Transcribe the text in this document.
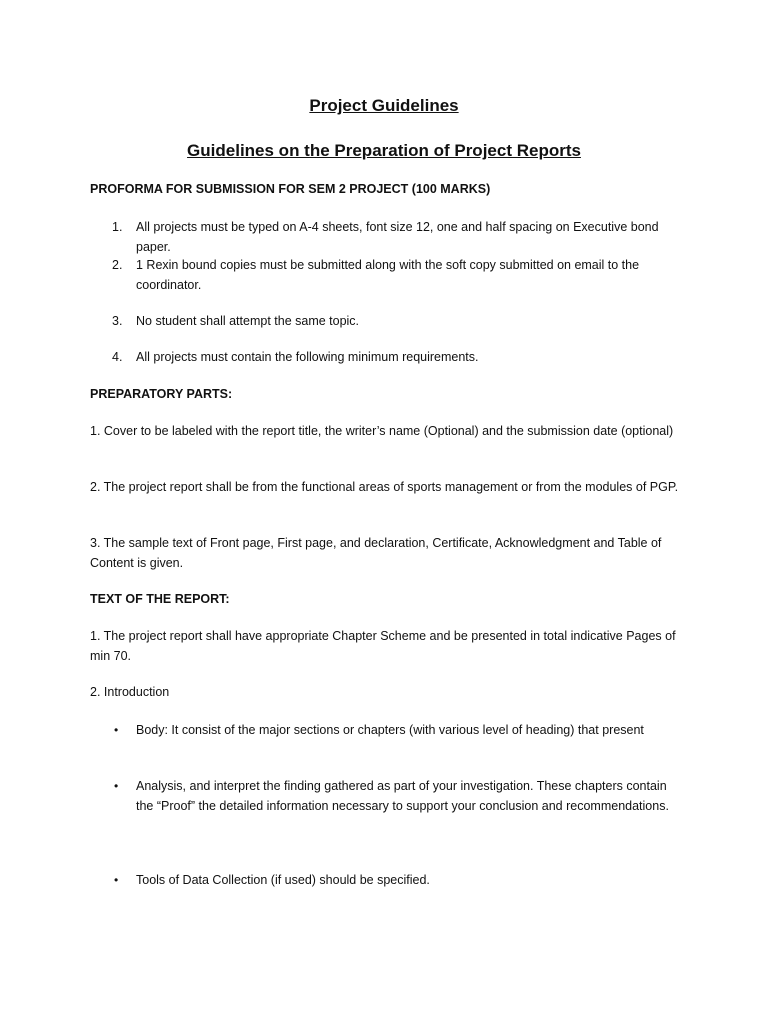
Project Guidelines
Guidelines on the Preparation of Project Reports

PROFORMA FOR SUBMISSION FOR SEM 2 PROJECT (100 MARKS)

1. All projects must be typed on A-4 sheets, font size 12, one and half spacing on Executive bond paper.
2. 1 Rexin bound copies must be submitted along with the soft copy submitted on email to the coordinator.
3. No student shall attempt the same topic.
4. All projects must contain the following minimum requirements.

PREPARATORY PARTS:

1. Cover to be labeled with the report title, the writer’s name (Optional) and the submission date (optional)

2. The project report shall be from the functional areas of sports management or from the modules of PGP.

3. The sample text of Front page, First page, and declaration, Certificate, Acknowledgment and Table of Content is given.

TEXT OF THE REPORT:

1. The project report shall have appropriate Chapter Scheme and be presented in total indicative Pages of min 70.

2. Introduction

• Body: It consist of the major sections or chapters (with various level of heading) that present
• Analysis, and interpret the finding gathered as part of your investigation. These chapters contain the “Proof” the detailed information necessary to support your conclusion and recommendations.
• Tools of Data Collection (if used) should be specified.
